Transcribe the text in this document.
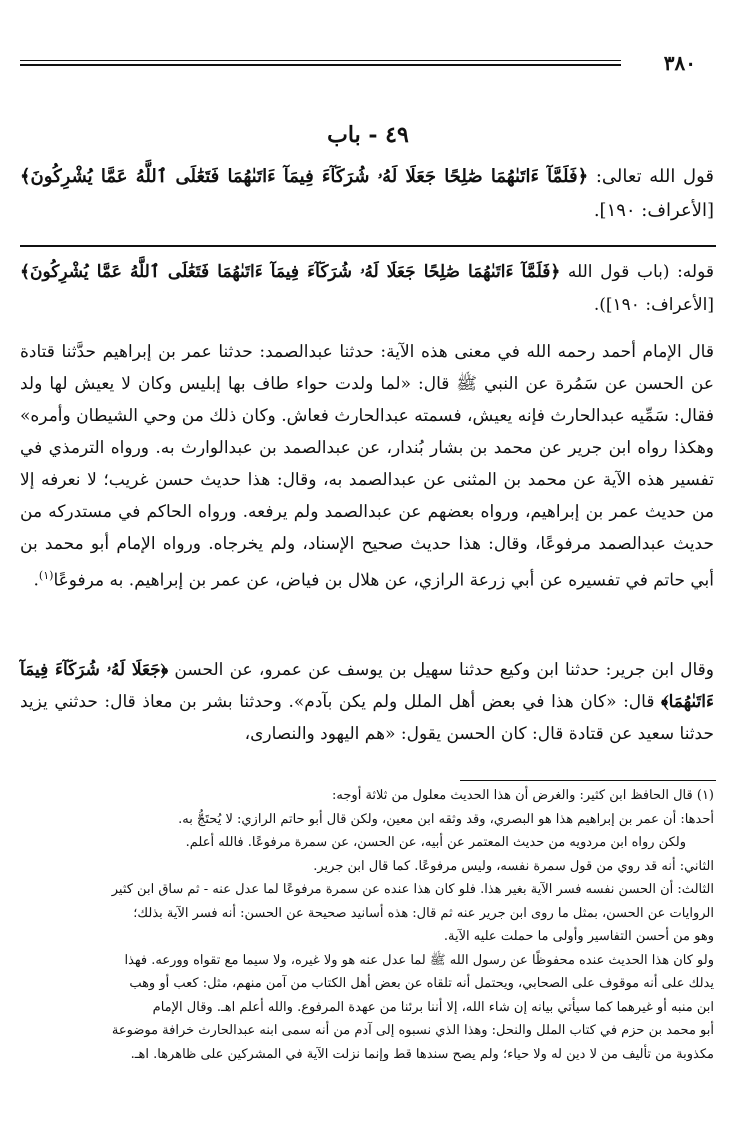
٣٨٠
٤٩ - باب
قول الله تعالى: ﴿فَلَمَّآ ءَاتَىٰهُمَا صَٰلِحًا جَعَلَا لَهُۥ شُرَكَآءَ فِيمَآ ءَاتَىٰهُمَا فَتَعَٰلَى ٱللَّهُ عَمَّا يُشْرِكُونَ﴾ [الأعراف: ١٩٠].
قوله: (باب قول الله ﴿فَلَمَّآ ءَاتَىٰهُمَا صَٰلِحًا جَعَلَا لَهُۥ شُرَكَآءَ فِيمَآ ءَاتَىٰهُمَا فَتَعَٰلَى ٱللَّهُ عَمَّا يُشْرِكُونَ﴾ [الأعراف: ١٩٠]).
قال الإمام أحمد رحمه الله في معنى هذه الآية: حدثنا عبدالصمد: حدثنا عمر بن إبراهيم حدَّثنا قتادة عن الحسن عن سَمُرة عن النبي ﷺ قال: «لما ولدت حواء طاف بها إبليس وكان لا يعيش لها ولد فقال: سَمِّيه عبدالحارث فإنه يعيش، فسمته عبدالحارث فعاش. وكان ذلك من وحي الشيطان وأمره» وهكذا رواه ابن جرير عن محمد بن بشار بُندار، عن عبدالصمد بن عبدالوارث به. ورواه الترمذي في تفسير هذه الآية عن محمد بن المثنى عن عبدالصمد به، وقال: هذا حديث حسن غريب؛ لا نعرفه إلا من حديث عمر بن إبراهيم، ورواه بعضهم عن عبدالصمد ولم يرفعه. ورواه الحاكم في مستدركه من حديث عبدالصمد مرفوعًا، وقال: هذا حديث صحيح الإسناد، ولم يخرجاه. ورواه الإمام أبو محمد بن أبي حاتم في تفسيره عن أبي زرعة الرازي، عن هلال بن فياض، عن عمر بن إبراهيم. به مرفوعًا$^{(١)}$.
وقال ابن جرير: حدثنا ابن وكيع حدثنا سهيل بن يوسف عن عمرو، عن الحسن ﴿جَعَلَا لَهُۥ شُرَكَآءَ فِيمَآ ءَاتَىٰهُمَا﴾ قال: «كان هذا في بعض أهل الملل ولم يكن بآدم». وحدثنا بشر بن معاذ قال: حدثني يزيد حدثنا سعيد عن قتادة قال: كان الحسن يقول: «هم اليهود والنصارى،
(١) قال الحافظ ابن كثير: والغرض أن هذا الحديث معلول من ثلاثة أوجه:
أحدها: أن عمر بن إبراهيم هذا هو البصري، وقد وثقه ابن معين، ولكن قال أبو حاتم الرازي: لا يُحتَجُّ به.
ولكن رواه ابن مردويه من حديث المعتمر عن أبيه، عن الحسن، عن سمرة مرفوعًا. فالله أعلم.
الثاني: أنه قد روي من قول سمرة نفسه، وليس مرفوعًا. كما قال ابن جرير.
الثالث: أن الحسن نفسه فسر الآية بغير هذا. فلو كان هذا عنده عن سمرة مرفوعًا لما عدل عنه - ثم ساق ابن كثير
الروايات عن الحسن، بمثل ما روى ابن جرير عنه ثم قال: هذه أسانيد صحيحة عن الحسن: أنه فسر الآية بذلك؛
وهو من أحسن التفاسير وأولى ما حملت عليه الآية.
ولو كان هذا الحديث عنده محفوظًا عن رسول الله ﷺ لما عدل عنه هو ولا غيره، ولا سيما مع تقواه وورعه. فهذا
يدلك على أنه موقوف على الصحابي، ويحتمل أنه تلقاه عن بعض أهل الكتاب من آمن منهم، مثل: كعب أو وهب
ابن منبه أو غيرهما كما سيأتي بيانه إن شاء الله، إلا أننا برئنا من عهدة المرفوع. والله أعلم اهـ. وقال الإمام
أبو محمد بن حزم في كتاب الملل والنحل: وهذا الذي نسبوه إلى آدم من أنه سمى ابنه عبدالحارث خرافة موضوعة
مكذوبة من تأليف من لا دين له ولا حياء؛ ولم يصح سندها قط وإنما نزلت الآية في المشركين على ظاهرها. اهـ.
